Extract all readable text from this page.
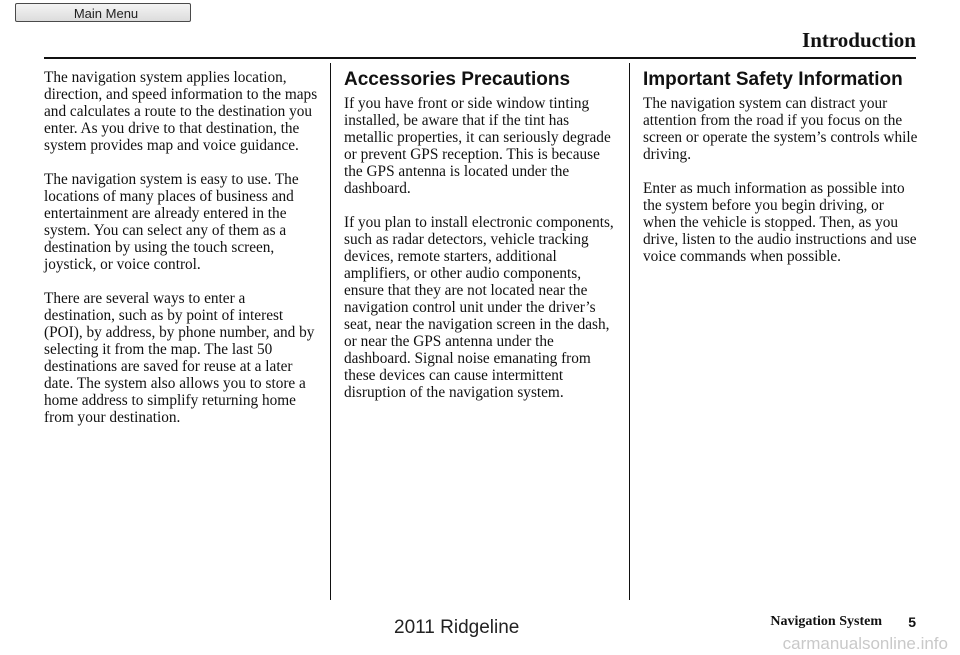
Main Menu
Introduction

The navigation system applies location, direction, and speed information to the maps and calculates a route to the destination you enter. As you drive to that destination, the system provides map and voice guidance.

The navigation system is easy to use. The locations of many places of business and entertainment are already entered in the system. You can select any of them as a destination by using the touch screen, joystick, or voice control.

There are several ways to enter a destination, such as by point of interest (POI), by address, by phone number, and by selecting it from the map. The last 50 destinations are saved for reuse at a later date. The system also allows you to store a home address to simplify returning home from your destination.

Accessories Precautions

If you have front or side window tinting installed, be aware that if the tint has metallic properties, it can seriously degrade or prevent GPS reception. This is because the GPS antenna is located under the dashboard.

If you plan to install electronic components, such as radar detectors, vehicle tracking devices, remote starters, additional amplifiers, or other audio components, ensure that they are not located near the navigation control unit under the driver’s seat, near the navigation screen in the dash, or near the GPS antenna under the dashboard. Signal noise emanating from these devices can cause intermittent disruption of the navigation system.

Important Safety Information

The navigation system can distract your attention from the road if you focus on the screen or operate the system’s controls while driving.

Enter as much information as possible into the system before you begin driving, or when the vehicle is stopped. Then, as you drive, listen to the audio instructions and use voice commands when possible.

Navigation System 5
2011 Ridgeline
carmanualsonline.info
